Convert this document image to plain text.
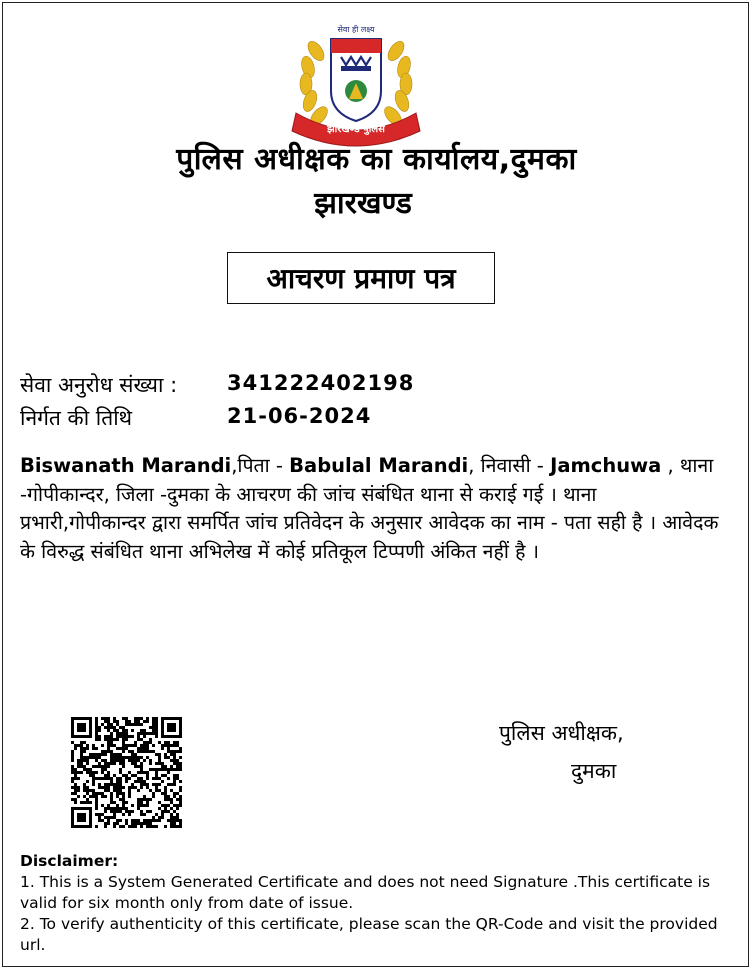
सेवा ही लक्ष्य
झारखण्ड पुलिस
पुलिस अधीक्षक का कार्यालय,दुमका
झारखण्ड
आचरण प्रमाण पत्र
सेवा अनुरोध संख्या : 341222402198
निर्गत की तिथि	21-06-2024
Biswanath Marandi,पिता - Babulal Marandi, निवासी - Jamchuwa , थाना -गोपीकान्दर, जिला -दुमका के आचरण की जांच संबंधित थाना से कराई गई । थाना प्रभारी,गोपीकान्दर द्वारा समर्पित जांच प्रतिवेदन के अनुसार आवेदक का नाम - पता सही है । आवेदक के विरुद्ध संबंधित थाना अभिलेख में कोई प्रतिकूल टिप्पणी अंकित नहीं है ।
पुलिस अधीक्षक,
दुमका
Disclaimer:
1. This is a System Generated Certificate and does not need Signature .This certificate is valid for six month only from date of issue.
2. To verify authenticity of this certificate, please scan the QR-Code and visit the provided url.
